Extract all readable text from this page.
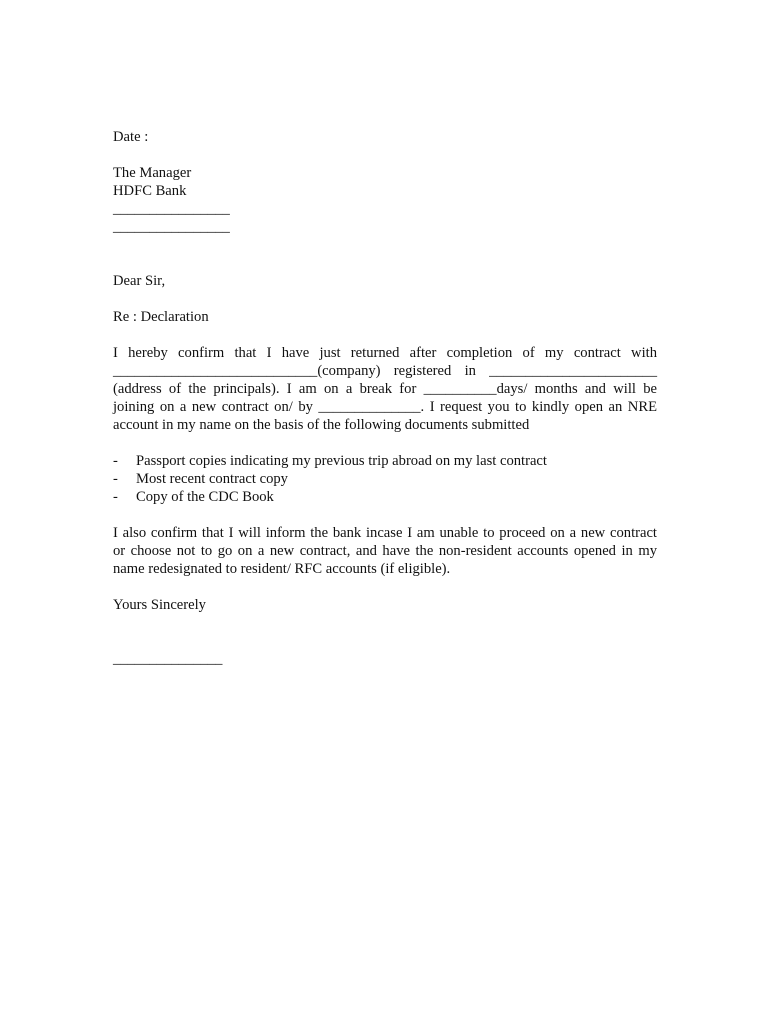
Date :
The Manager
HDFC Bank
________________
________________
Dear Sir,
Re : Declaration
I hereby confirm that I have just returned after completion of my contract with
____________________________(company) registered in _______________________
(address of the principals). I am on a break for __________days/ months and will be
joining on a new contract on/ by ______________. I request you to kindly open an NRE
account in my name on the basis of the following documents submitted
-	Passport copies indicating my previous trip abroad on my last contract
-	Most recent contract copy
-	Copy of the CDC Book
I also confirm that I will inform the bank incase I am unable to proceed on a new contract
or choose not to go on a new contract, and have the non-resident accounts opened in my
name redesignated to resident/ RFC accounts (if eligible).
Yours Sincerely
_______________
